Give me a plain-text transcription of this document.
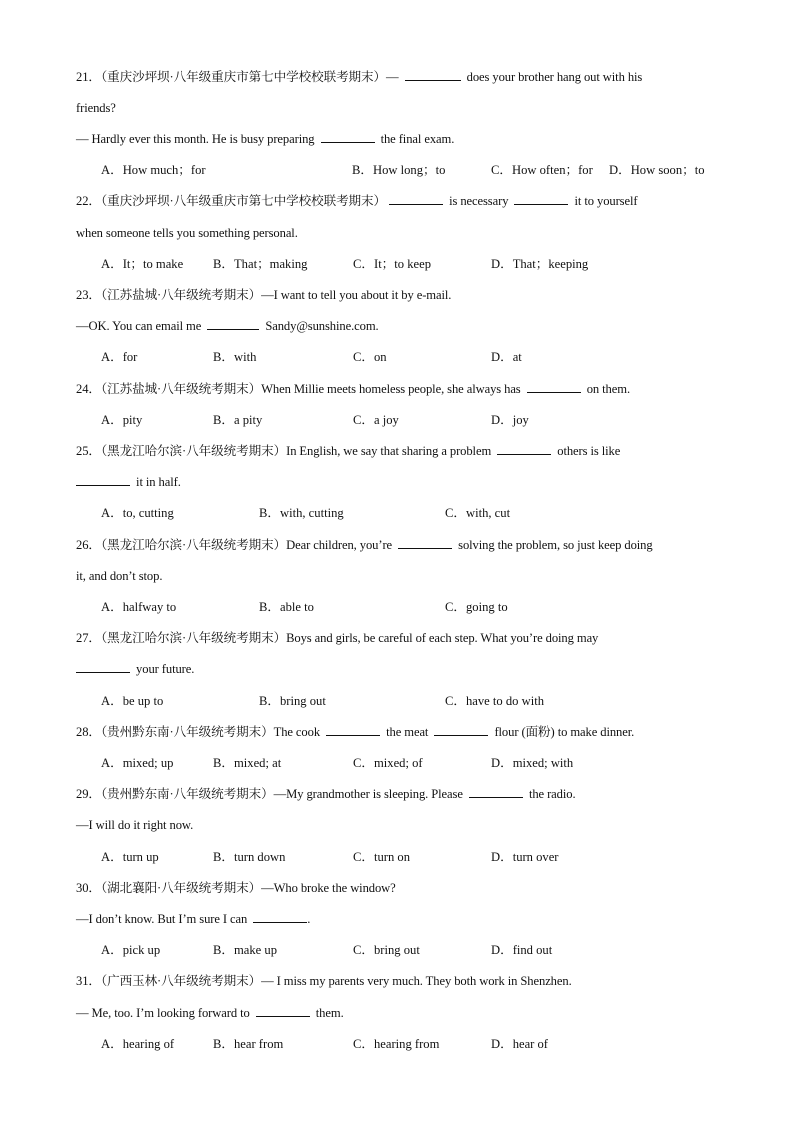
21．（重庆沙坪坝·八年级重庆市第七中学校校联考期末）—	does your brother hang out with his
friends?
— Hardly ever this month. He is busy preparing	the final exam.
A．How much；for	B．How long；to	C．How often；for D．How soon；to
22．（重庆沙坪坝·八年级重庆市第七中学校校联考期末）	is necessary	it to yourself
when someone tells you something personal.
A．It；to make B．That；making	C．It；to keep	D．That；keeping
23．（江苏盐城·八年级统考期末）—I want to tell you about it by e-mail.
—OK. You can email me	Sandy@sunshine.com.
A．for	B．with	C．on	D．at
24．（江苏盐城·八年级统考期末）When Millie meets homeless people, she always has	on them.
A．pity	B．a pity	C．a joy	D．joy
25．（黑龙江哈尔滨·八年级统考期末）In English, we say that sharing a problem	others is like
it in half.
A．to, cutting	B．with, cutting	C．with, cut
26．（黑龙江哈尔滨·八年级统考期末）Dear children, you’re	solving the problem, so just keep doing
it, and don’t stop.
A．halfway to	B．able to	C．going to
27．（黑龙江哈尔滨·八年级统考期末）Boys and girls, be careful of each step. What you’re doing may
your future.
A．be up to	B．bring out	C．have to do with
28．（贵州黔东南·八年级统考期末）The cook	the meat	flour (面粉) to make dinner.
A．mixed; up	B．mixed; at	C．mixed; of	D．mixed; with
29．（贵州黔东南·八年级统考期末）—My grandmother is sleeping. Please	the radio.
—I will do it right now.
A．turn up	B．turn down	C．turn on	D．turn over
30．（湖北襄阳·八年级统考期末）—Who broke the window?
—I don’t know. But I’m sure I can	.
A．pick up	B．make up	C．bring out	D．find out
31．（广西玉林·八年级统考期末）— I miss my parents very much. They both work in Shenzhen.
— Me, too. I’m looking forward to	them.
A．hearing of	B．hear from	C．hearing from	D．hear of
